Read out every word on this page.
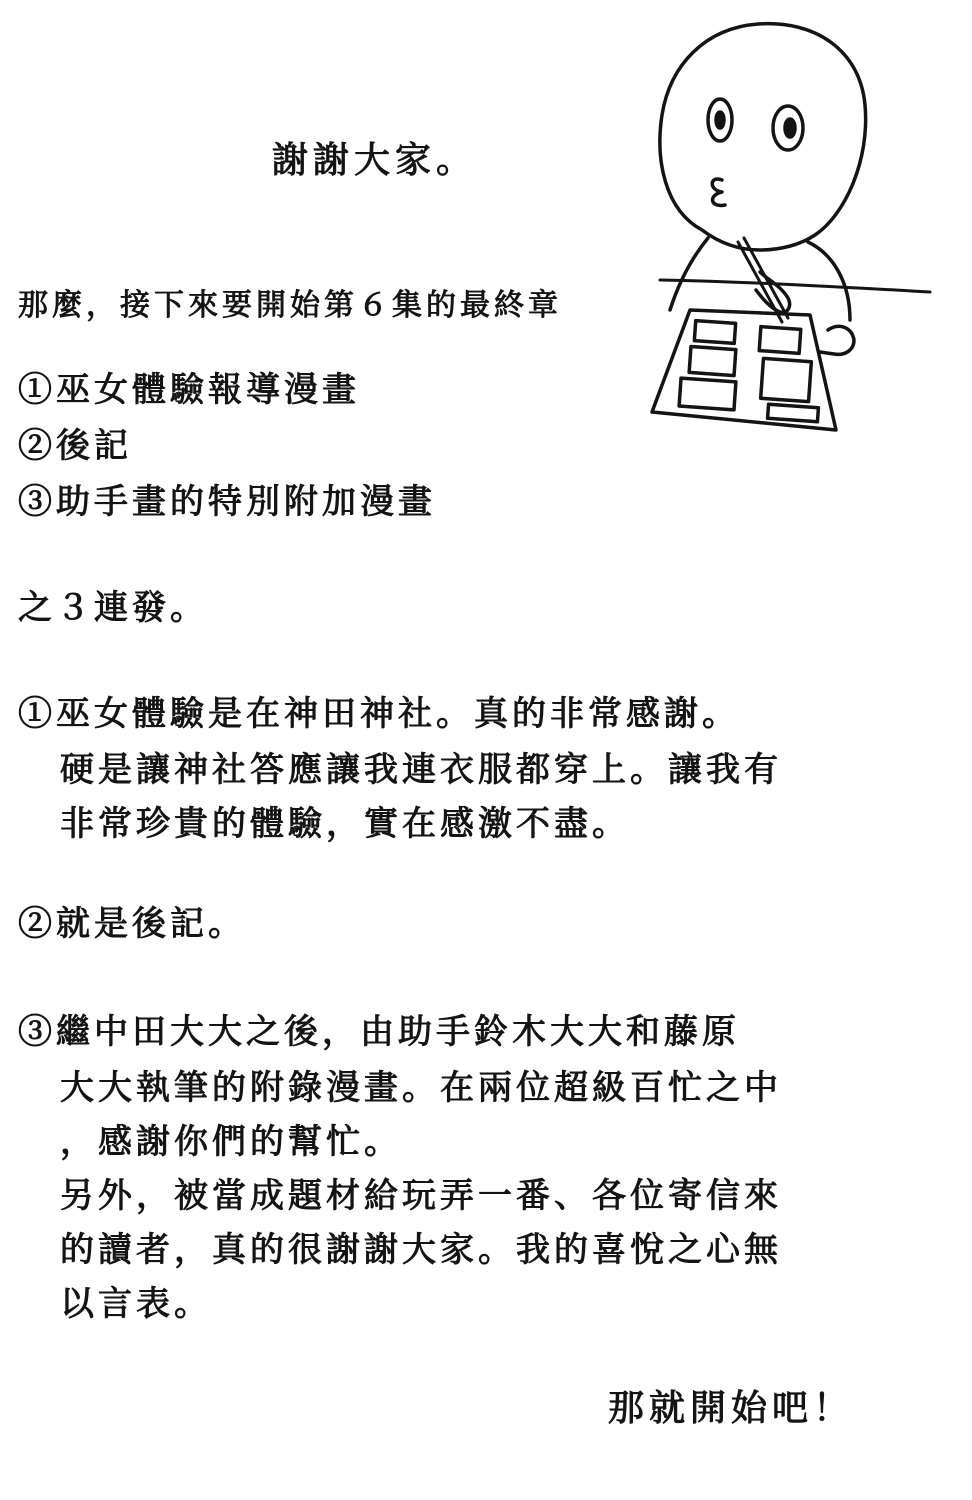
謝謝大家。
那麼，接下來要開始第６集的最終章
①巫女體驗報導漫畫
②後記
③助手畫的特別附加漫畫
之３連發。
①巫女體驗是在神田神社。真的非常感謝。
硬是讓神社答應讓我連衣服都穿上。讓我有
非常珍貴的體驗，實在感激不盡。
②就是後記。
③繼中田大大之後，由助手鈴木大大和藤原
大大執筆的附錄漫畫。在兩位超級百忙之中
，感謝你們的幫忙。
另外，被當成題材給玩弄一番、各位寄信來
的讀者，真的很謝謝大家。我的喜悅之心無
以言表。
那就開始吧！
